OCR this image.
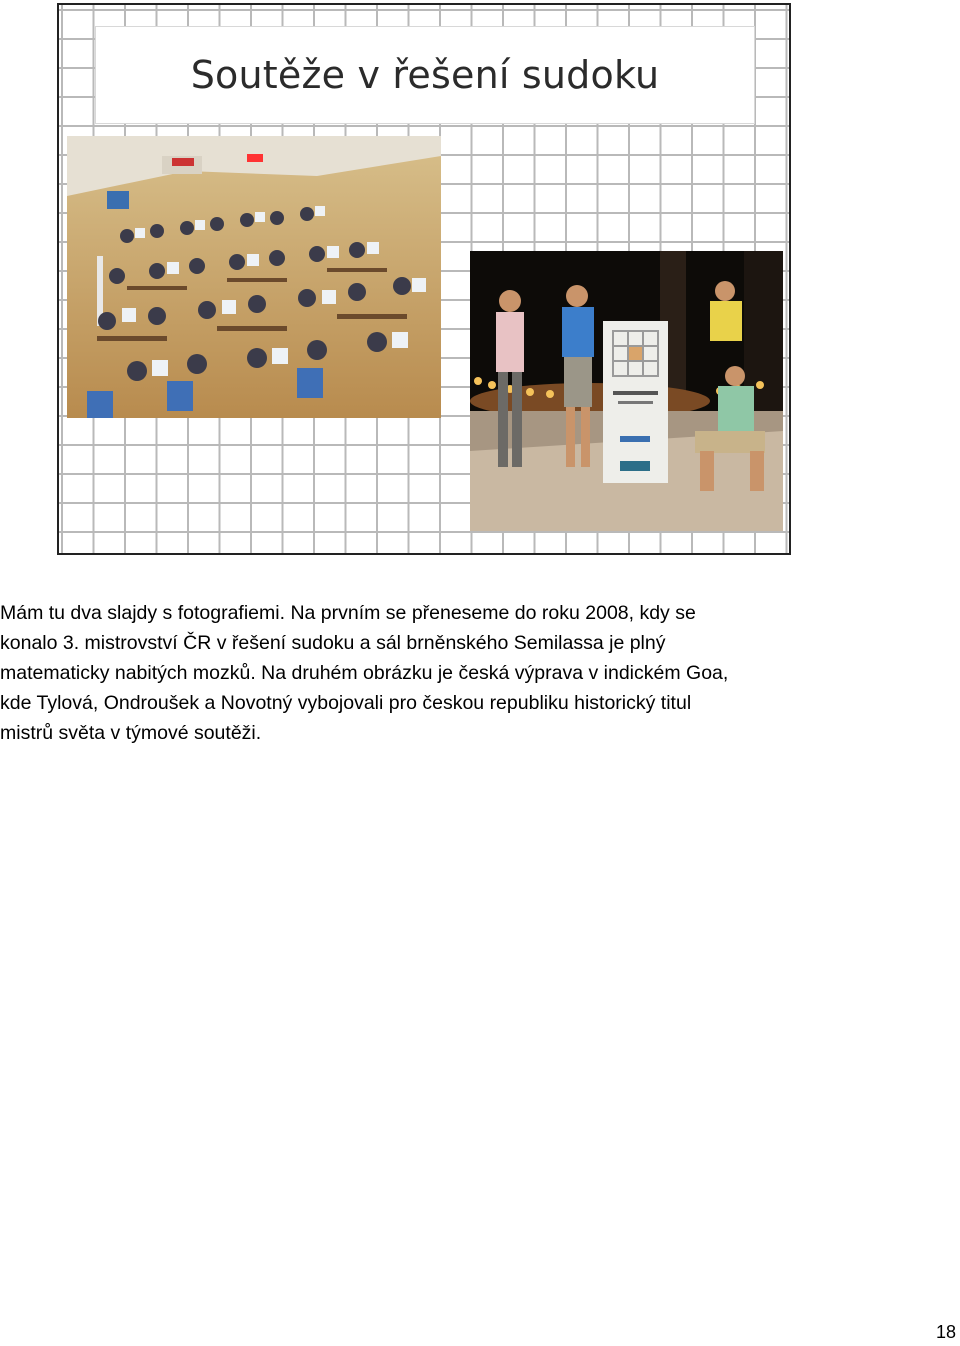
Soutěže v řešení sudoku

Mám tu dva slajdy s fotografiemi. Na prvním se přeneseme do roku 2008, kdy se
konalo 3. mistrovství ČR v řešení sudoku a sál brněnského Semilassa je plný
matematicky nabitých mozků. Na druhém obrázku je česká výprava v indickém Goa,
kde Tylová, Ondroušek a Novotný vybojovali pro českou republiku historický titul
mistrů světa v týmové soutěži.

18
